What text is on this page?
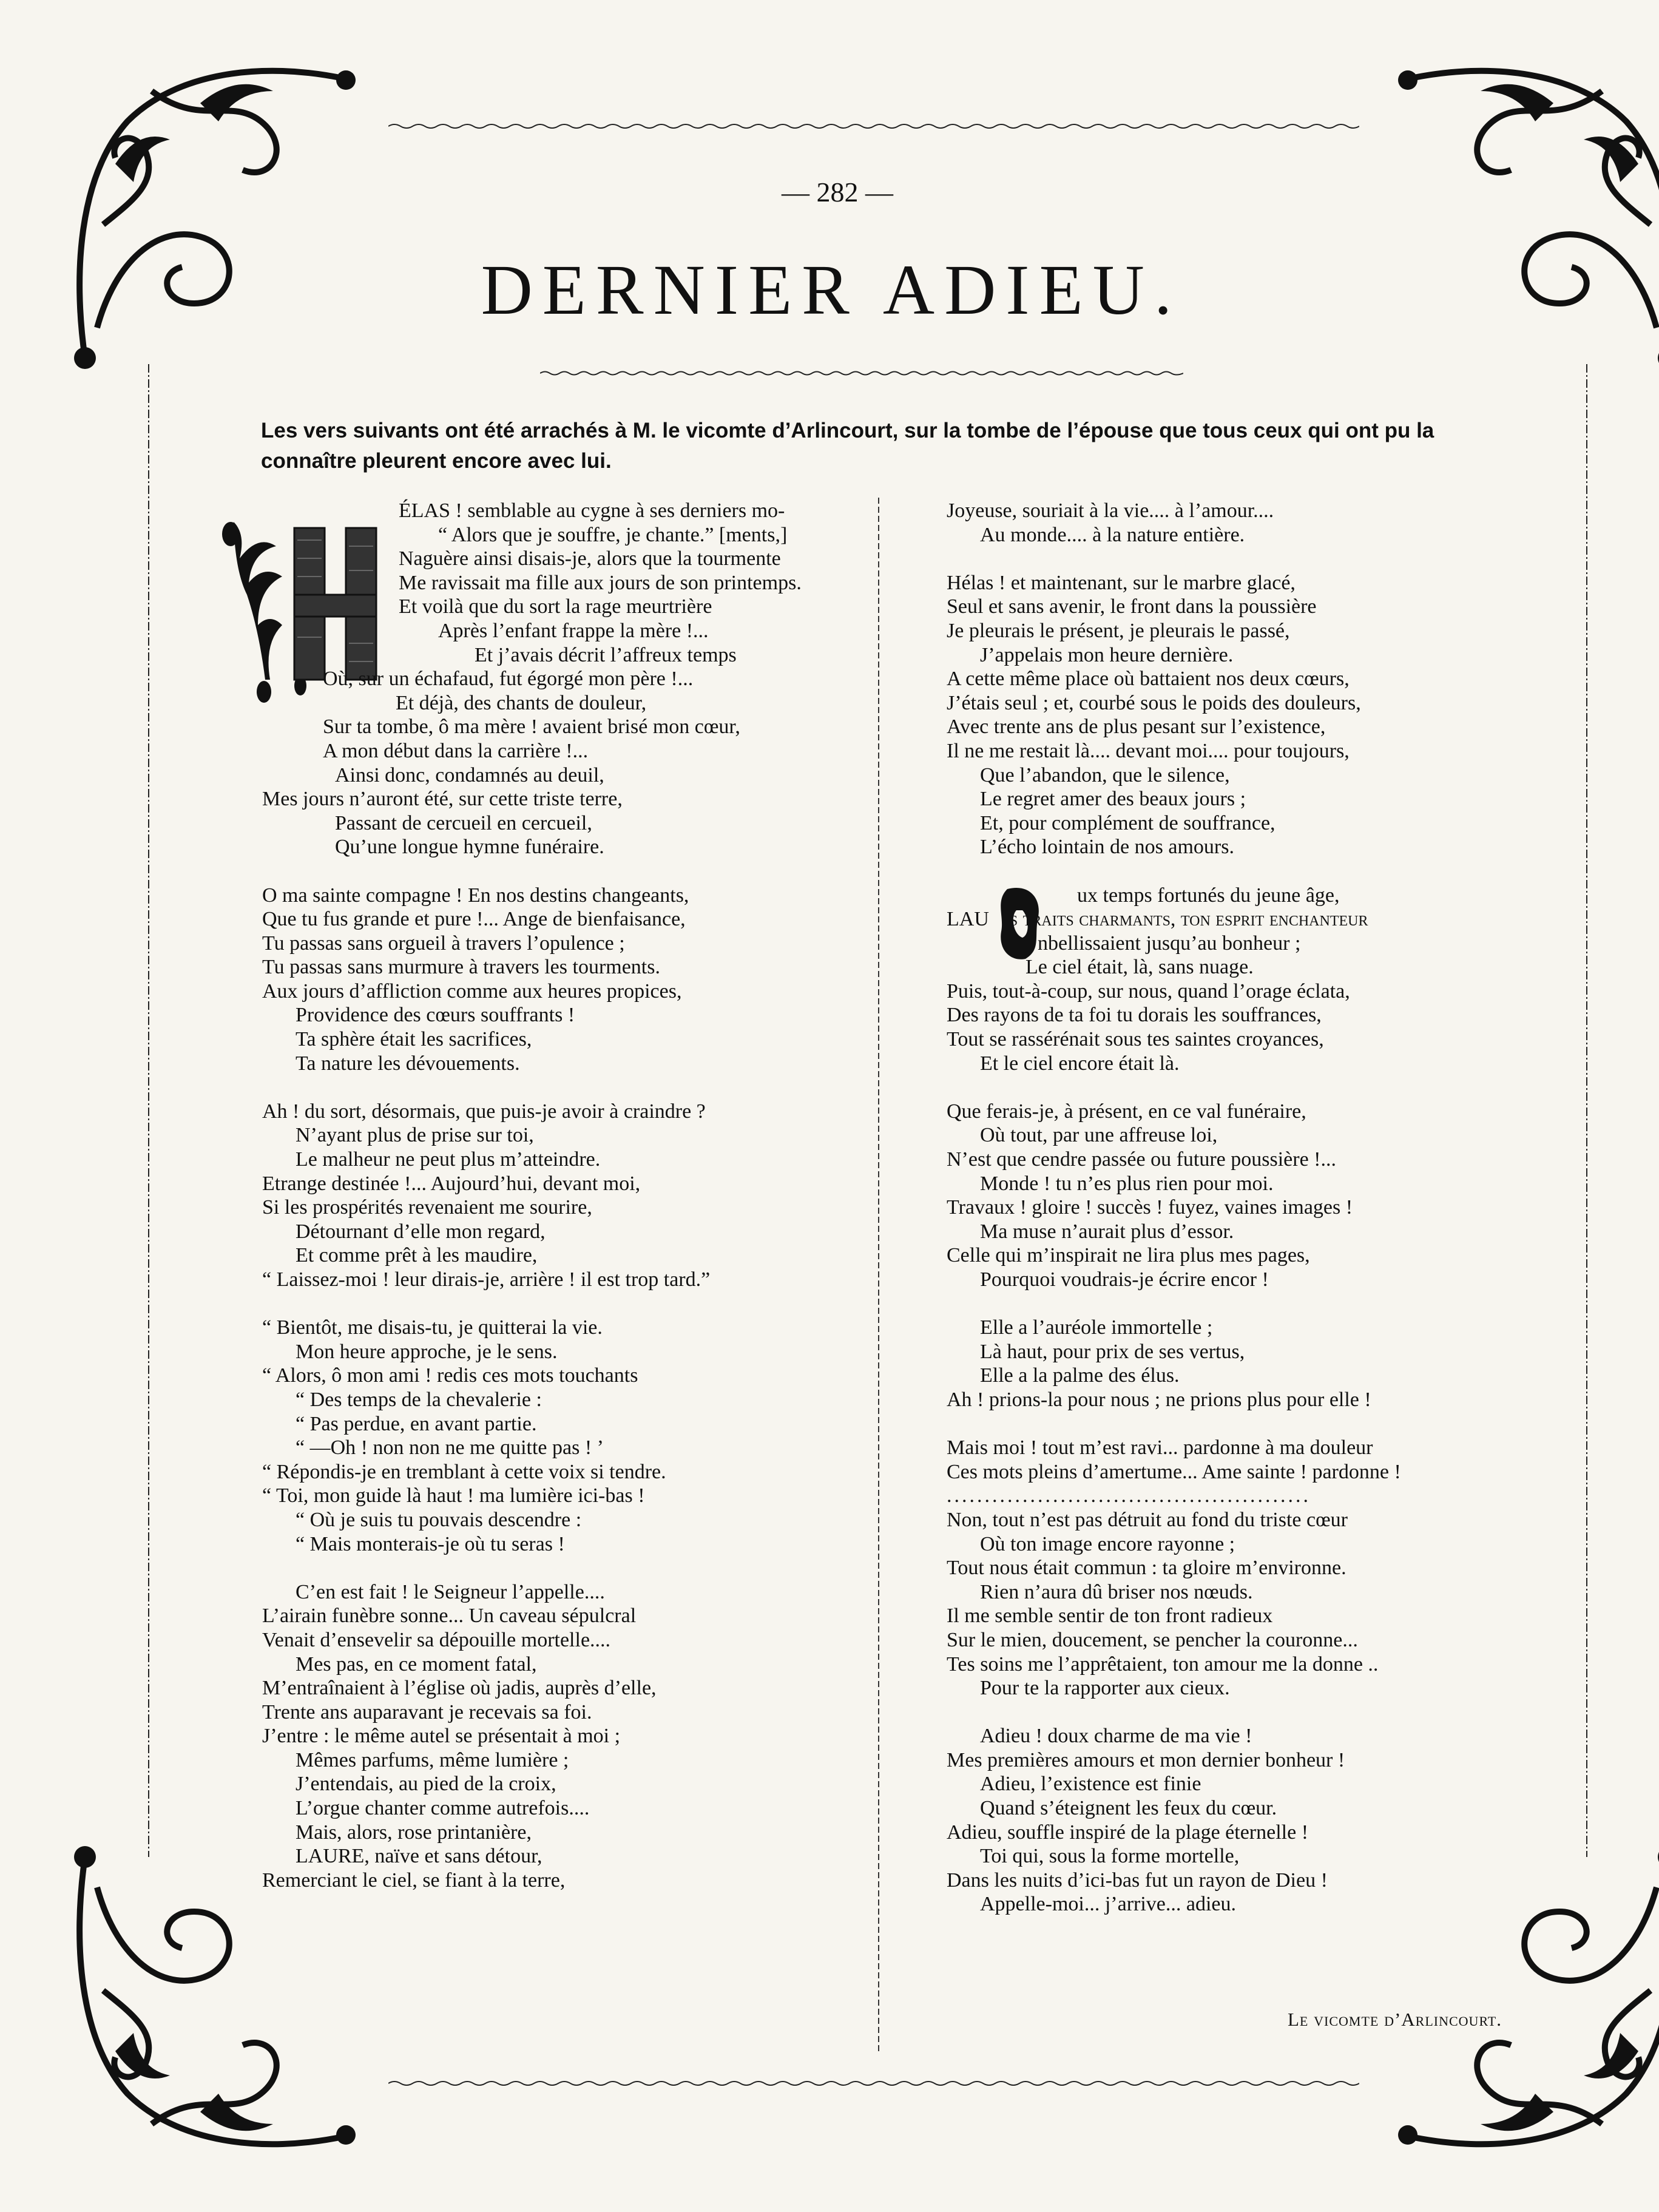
— 282 —
DERNIER ADIEU.
Les vers suivants ont été arrachés à M. le vicomte d’Arlincourt, sur la tombe de l’épouse que tous ceux qui ont pu la connaître pleurent encore avec lui.
ÉLAS ! semblable au cygne à ses derniers mo-
“ Alors que je souffre, je chante.” [ments,]
Naguère ainsi disais-je, alors que la tourmente
Me ravissait ma fille aux jours de son printemps.
Et voilà que du sort la rage meurtrière
Après l’enfant frappe la mère !...
Et j’avais décrit l’affreux temps
Où, sur un échafaud, fut égorgé mon père !...
Et déjà, des chants de douleur,
Sur ta tombe, ô ma mère ! avaient brisé mon cœur,
A mon début dans la carrière !...
Ainsi donc, condamnés au deuil,
Mes jours n’auront été, sur cette triste terre,
Passant de cercueil en cercueil,
Qu’une longue hymne funéraire.
O ma sainte compagne ! En nos destins changeants,
Que tu fus grande et pure !... Ange de bienfaisance,
Tu passas sans orgueil à travers l’opulence ;
Tu passas sans murmure à travers les tourments.
Aux jours d’affliction comme aux heures propices,
Providence des cœurs souffrants !
Ta sphère était les sacrifices,
Ta nature les dévouements.
Ah ! du sort, désormais, que puis-je avoir à craindre ?
N’ayant plus de prise sur toi,
Le malheur ne peut plus m’atteindre.
Etrange destinée !... Aujourd’hui, devant moi,
Si les prospérités revenaient me sourire,
Détournant d’elle mon regard,
Et comme prêt à les maudire,
“ Laissez-moi ! leur dirais-je, arrière ! il est trop tard.”
“ Bientôt, me disais-tu, je quitterai la vie.
Mon heure approche, je le sens.
“ Alors, ô mon ami ! redis ces mots touchants
“ Des temps de la chevalerie :
“ Pas perdue, en avant partie.
“ —Oh ! non non ne me quitte pas ! ’
“ Répondis-je en tremblant à cette voix si tendre.
“ Toi, mon guide là haut ! ma lumière ici-bas !
“ Où je suis tu pouvais descendre :
“ Mais monterais-je où tu seras !
C’en est fait ! le Seigneur l’appelle....
L’airain funèbre sonne... Un caveau sépulcral
Venait d’ensevelir sa dépouille mortelle....
Mes pas, en ce moment fatal,
M’entraînaient à l’église où jadis, auprès d’elle,
Trente ans auparavant je recevais sa foi.
J’entre : le même autel se présentait à moi ;
Mêmes parfums, même lumière ;
J’entendais, au pied de la croix,
L’orgue chanter comme autrefois....
Mais, alors, rose printanière,
LAURE, naïve et sans détour,
Remerciant le ciel, se fiant à la terre,
Joyeuse, souriait à la vie.... à l’amour....
Au monde.... à la nature entière.
Hélas ! et maintenant, sur le marbre glacé,
Seul et sans avenir, le front dans la poussière
Je pleurais le présent, je pleurais le passé,
J’appelais mon heure dernière.
A cette même place où battaient nos deux cœurs,
J’étais seul ; et, courbé sous le poids des douleurs,
Avec trente ans de plus pesant sur l’existence,
Il ne me restait là.... devant moi.... pour toujours,
Que l’abandon, que le silence,
Le regret amer des beaux jours ;
Et, pour complément de souffrance,
L’écho lointain de nos amours.
ux temps fortunés du jeune âge,
LAU    s traits charmants, ton esprit enchanteur
nbellissaient jusqu’au bonheur ;
Le ciel était, là, sans nuage.
Puis, tout-à-coup, sur nous, quand l’orage éclata,
Des rayons de ta foi tu dorais les souffrances,
Tout se rassérénait sous tes saintes croyances,
Et le ciel encore était là.
Que ferais-je, à présent, en ce val funéraire,
Où tout, par une affreuse loi,
N’est que cendre passée ou future poussière !...
Monde ! tu n’es plus rien pour moi.
Travaux ! gloire ! succès ! fuyez, vaines images !
Ma muse n’aurait plus d’essor.
Celle qui m’inspirait ne lira plus mes pages,
Pourquoi voudrais-je écrire encor !
Elle a l’auréole immortelle ;
Là haut, pour prix de ses vertus,
Elle a la palme des élus.
Ah ! prions-la pour nous ; ne prions plus pour elle !
Mais moi ! tout m’est ravi... pardonne à ma douleur
Ces mots pleins d’amertume... Ame sainte ! pardonne !
................................................
Non, tout n’est pas détruit au fond du triste cœur
Où ton image encore rayonne ;
Tout nous était commun : ta gloire m’environne.
Rien n’aura dû briser nos nœuds.
Il me semble sentir de ton front radieux
Sur le mien, doucement, se pencher la couronne...
Tes soins me l’apprêtaient, ton amour me la donne ..
Pour te la rapporter aux cieux.
Adieu ! doux charme de ma vie !
Mes premières amours et mon dernier bonheur !
Adieu, l’existence est finie
Quand s’éteignent les feux du cœur.
Adieu, souffle inspiré de la plage éternelle !
Toi qui, sous la forme mortelle,
Dans les nuits d’ici-bas fut un rayon de Dieu !
Appelle-moi... j’arrive... adieu.
Le vicomte d’Arlincourt.
